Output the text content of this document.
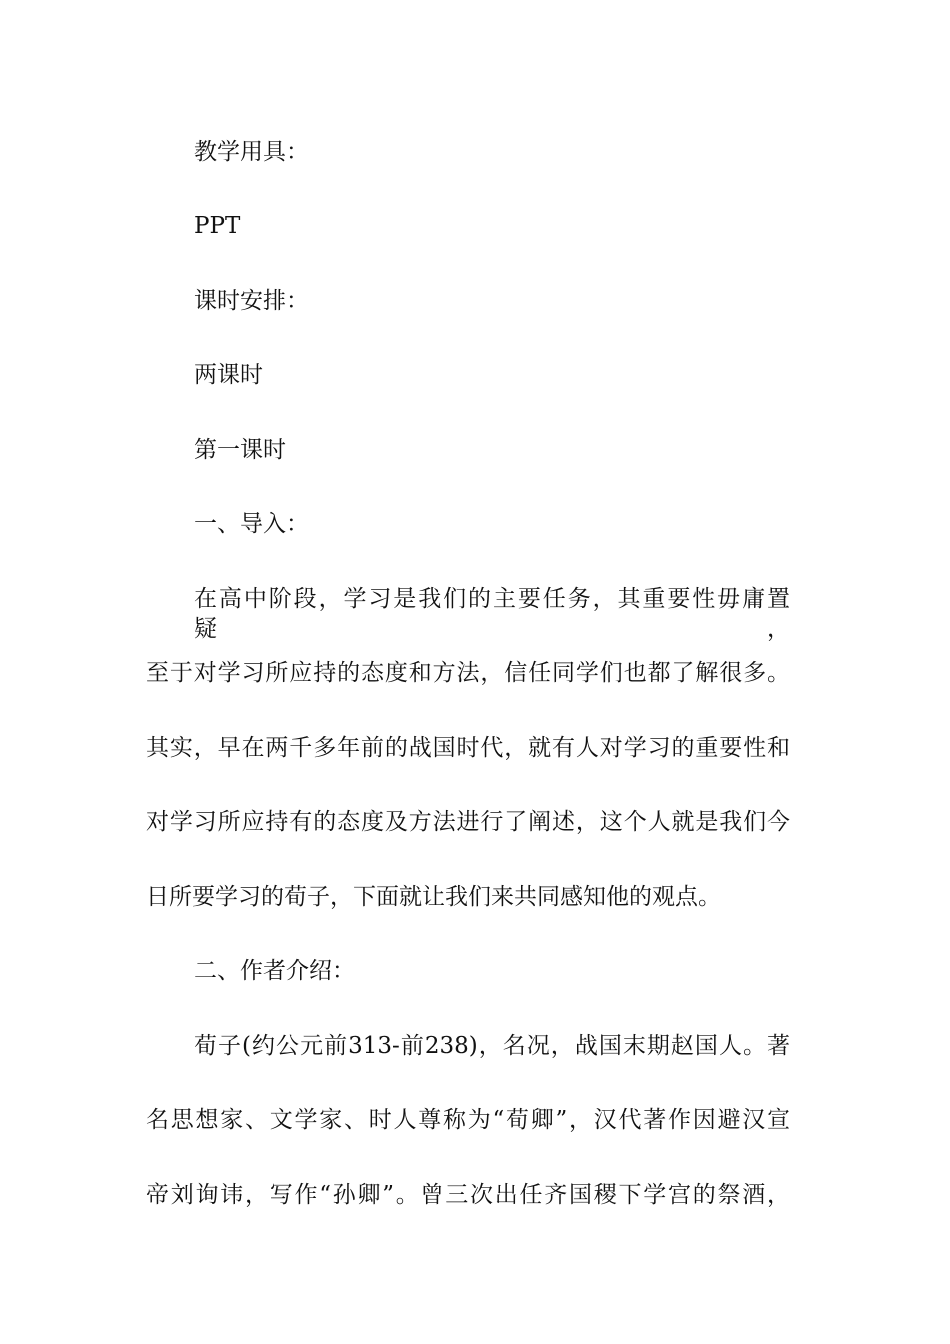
教学用具：
PPT
课时安排：
两课时
第一课时
一、导入：
在高中阶段，学习是我们的主要任务，其重要性毋庸置疑，
至于对学习所应持的态度和方法，信任同学们也都了解很多。
其实，早在两千多年前的战国时代，就有人对学习的重要性和
对学习所应持有的态度及方法进行了阐述，这个人就是我们今
日所要学习的荀子，下面就让我们来共同感知他的观点。
二、作者介绍：
荀子(约公元前313-前238)，名况，战国末期赵国人。著
名思想家、文学家、时人尊称为“荀卿”，汉代著作因避汉宣
帝刘询讳，写作“孙卿”。曾三次出任齐国稷下学宫的祭酒，
